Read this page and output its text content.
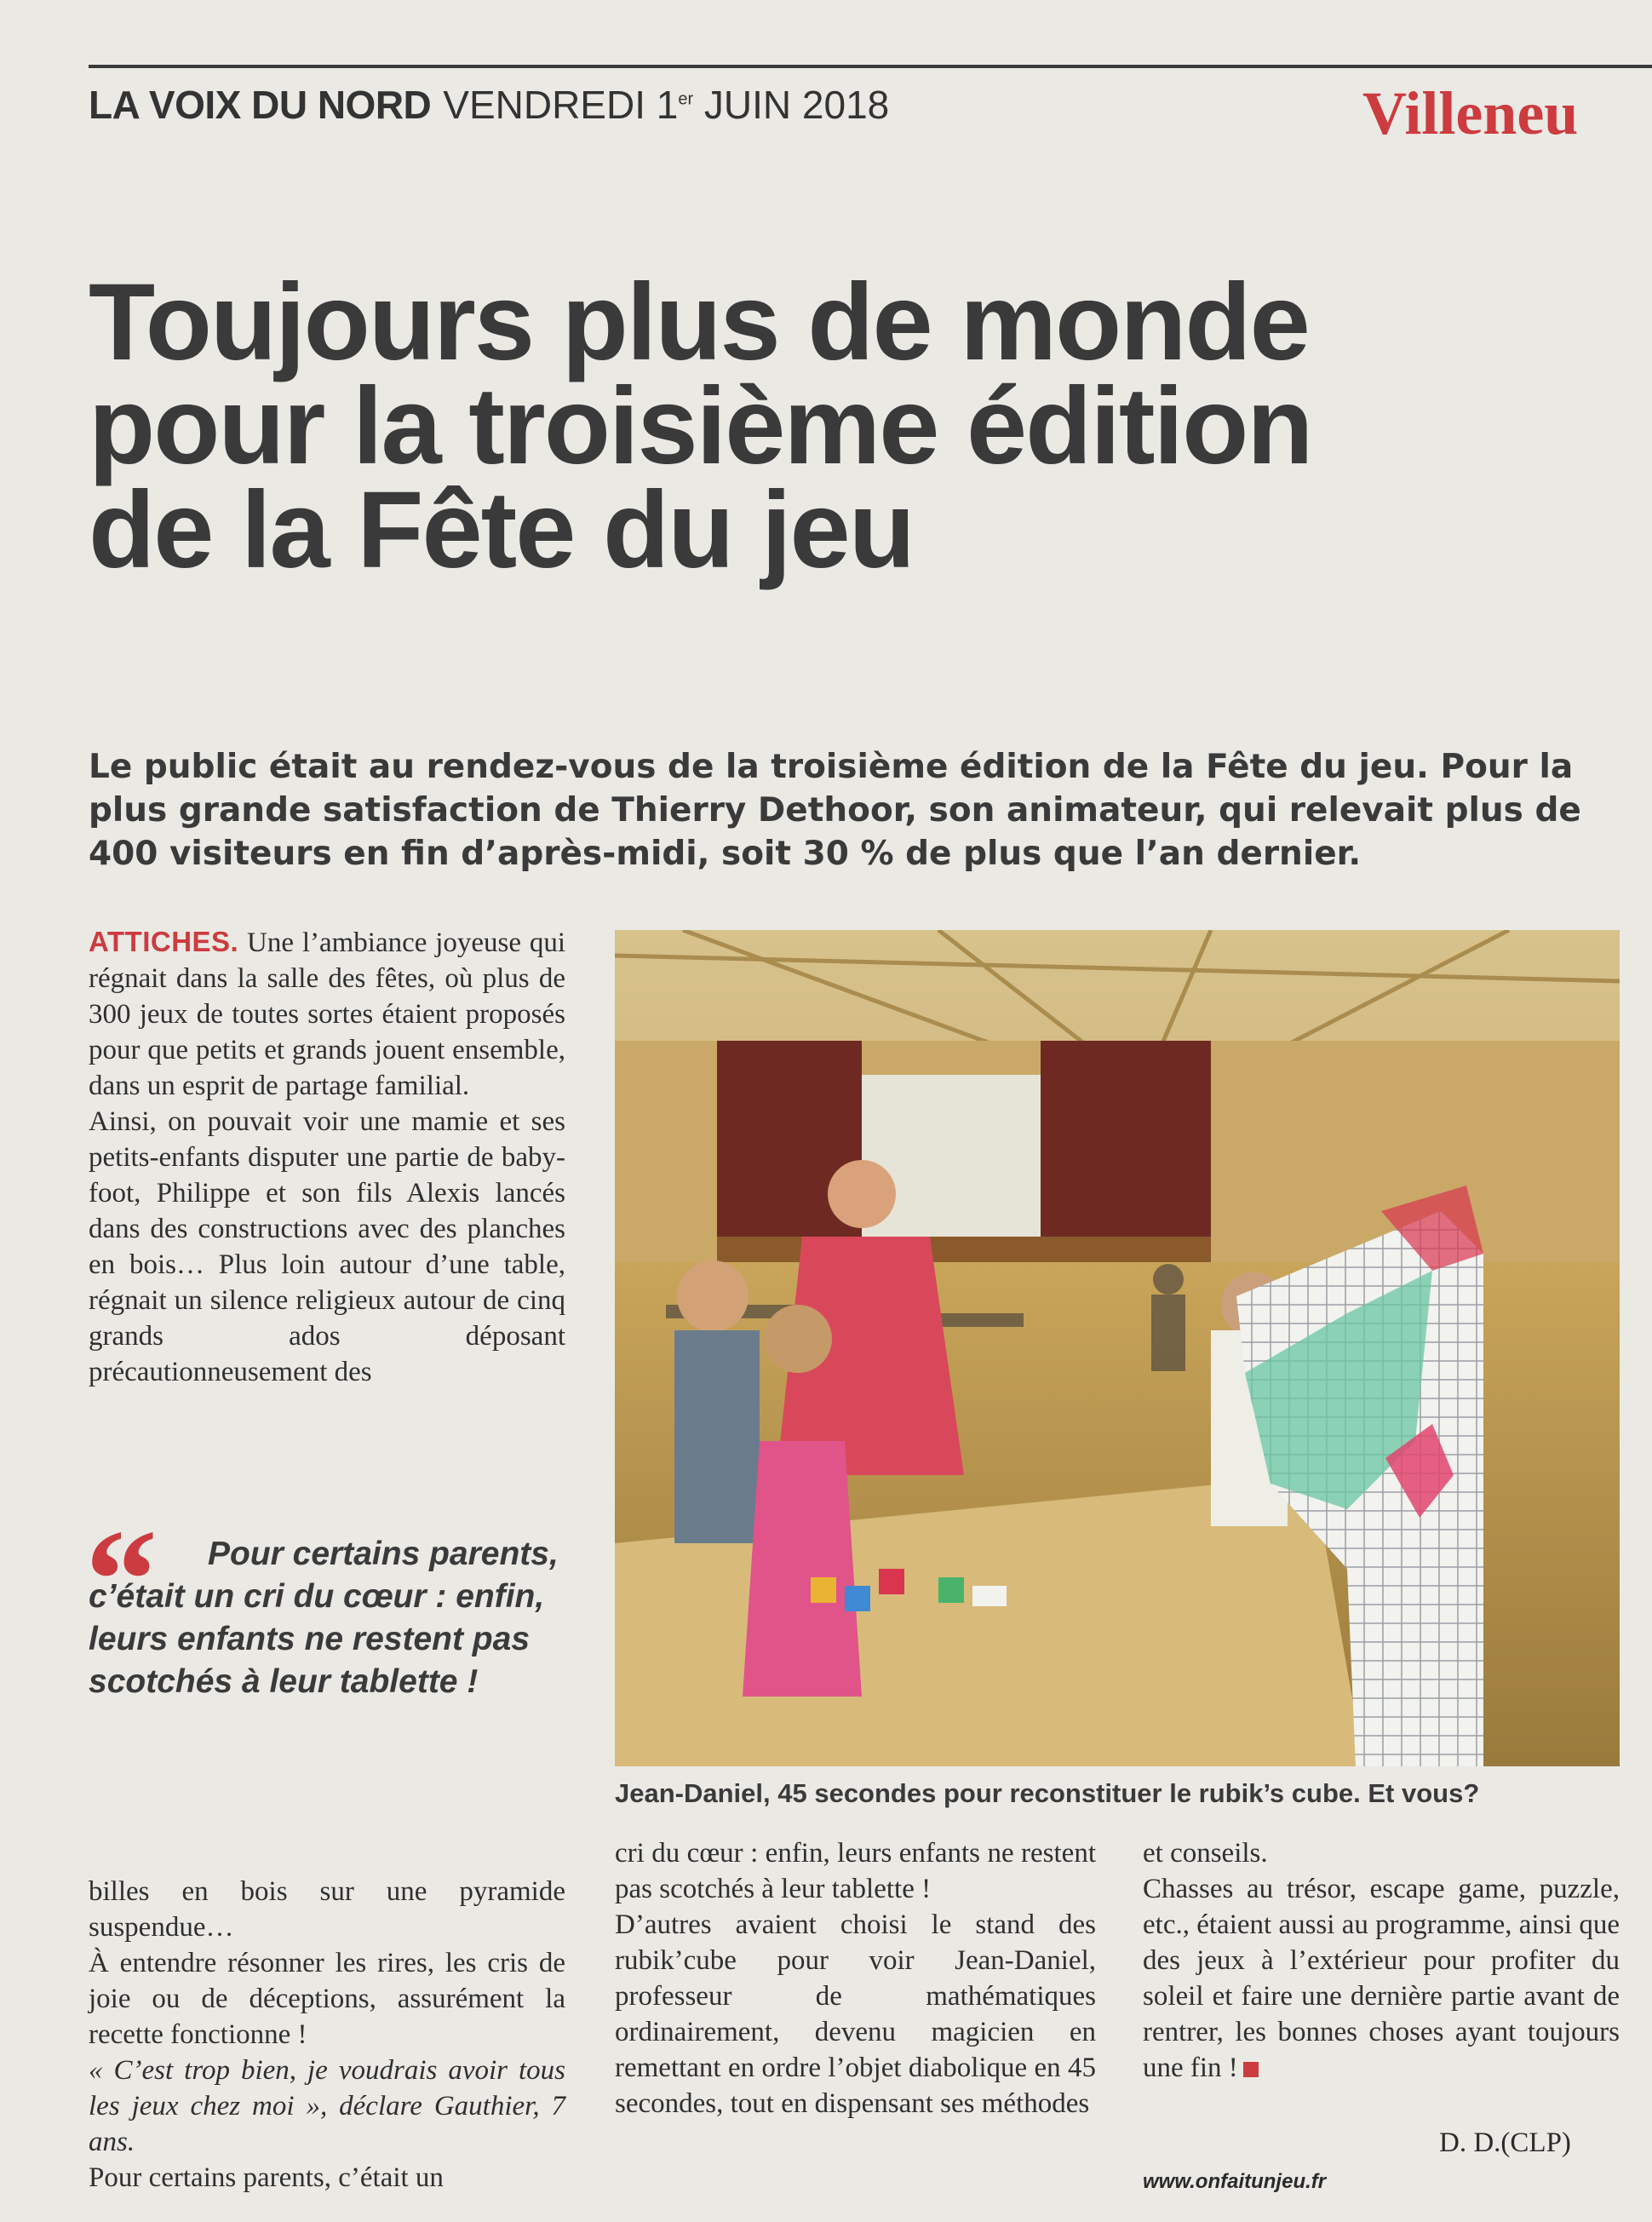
LA VOIX DU NORD VENDREDI 1er JUIN 2018	Villeneu
Toujours plus de monde
pour la troisième édition
de la Fête du jeu
Le public était au rendez-vous de la troisième édition de la Fête du jeu. Pour la plus grande satisfaction de Thierry Dethoor, son animateur, qui relevait plus de 400 visiteurs en fin d’après-midi, soit 30 % de plus que l’an dernier.

ATTICHES. Une l’ambiance joyeuse qui régnait dans la salle des fêtes, où plus de 300 jeux de toutes sortes étaient proposés pour que petits et grands jouent ensemble, dans un esprit de partage familial.

Ainsi, on pouvait voir une mamie et ses petits-enfants disputer une partie de baby-foot, Philippe et son fils Alexis lancés dans des constructions avec des planches en bois… Plus loin autour d’une table, régnait un silence religieux autour de cinq grands ados déposant précautionneusement des

“	Pour certains parents, c’était un cri du cœur : enfin, leurs enfants ne restent pas scotchés à leur tablette !

billes en bois sur une pyramide suspendue…

À entendre résonner les rires, les cris de joie ou de déceptions, assurément la recette fonctionne !

« C’est trop bien, je voudrais avoir tous les jeux chez moi », déclare Gauthier, 7 ans.

Pour certains parents, c’était un

Jean-Daniel, 45 secondes pour reconstituer le rubik’s cube. Et vous?

cri du cœur : enfin, leurs enfants ne restent pas scotchés à leur tablette !

D’autres avaient choisi le stand des rubik’cube pour voir Jean-Daniel, professeur de mathématiques ordinairement, devenu magicien en remettant en ordre l’objet diabolique en 45 secondes, tout en dispensant ses méthodes

et conseils.

Chasses au trésor, escape game, puzzle, etc., étaient aussi au programme, ainsi que des jeux à l’extérieur pour profiter du soleil et faire une dernière partie avant de rentrer, les bonnes choses ayant toujours une fin !

D. D.(CLP)
www.onfaitunjeu.fr
